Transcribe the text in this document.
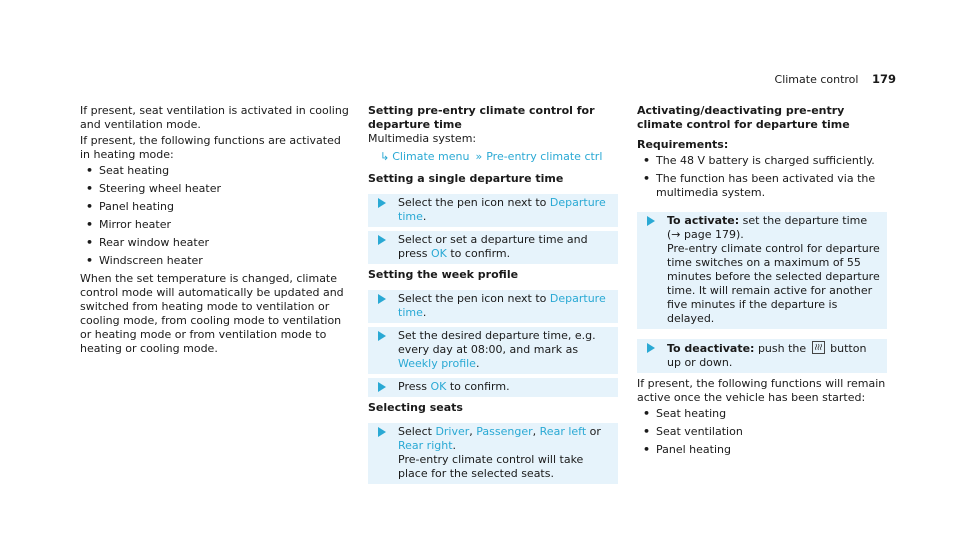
Climate control 179

If present, seat ventilation is activated in cooling and ventilation mode.

If present, the following functions are activated in heating mode:

• Seat heating
• Steering wheel heater
• Panel heating
• Mirror heater
• Rear window heater
• Windscreen heater

When the set temperature is changed, climate control mode will automatically be updated and switched from heating mode to ventilation or cooling mode, from cooling mode to ventilation or heating mode or from ventilation mode to heating or cooling mode.

Setting pre-entry climate control for departure time

Multimedia system:

↳ Climate menu » Pre-entry climate ctrl

Setting a single departure time

Select the pen icon next to Departure time.
Select or set a departure time and press OK to confirm.

Setting the week profile

Select the pen icon next to Departure time.
Set the desired departure time, e.g. every day at 08:00, and mark as Weekly profile.
Press OK to confirm.

Selecting seats

Select Driver, Passenger, Rear left or Rear right.
Pre-entry climate control will take place for the selected seats.

Activating/deactivating pre-entry climate control for departure time

Requirements:

• The 48 V battery is charged sufficiently.
• The function has been activated via the multimedia system.
To activate: set the departure time (→ page 179).
Pre-entry climate control for departure time switches on a maximum of 55 minutes before the selected departure time. It will remain active for another five minutes if the departure is delayed.
To deactivate: push the
button up or down.

If present, the following functions will remain active once the vehicle has been started:

• Seat heating
• Seat ventilation
• Panel heating
